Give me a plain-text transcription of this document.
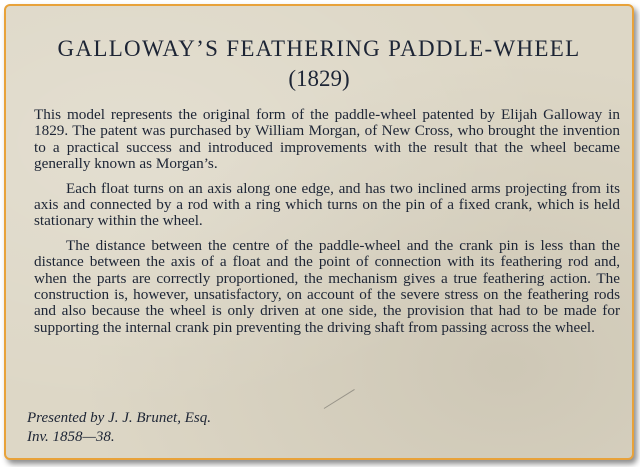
GALLOWAY’S FEATHERING PADDLE-WHEEL
(1829)

This model represents the original form of the paddle-wheel patented by Elijah Galloway in 1829. The patent was purchased by William Morgan, of New Cross, who brought the invention to a practical success and introduced improvements with the result that the wheel became generally known as Morgan’s.

Each float turns on an axis along one edge, and has two inclined arms projecting from its axis and connected by a rod with a ring which turns on the pin of a fixed crank, which is held stationary within the wheel.

The distance between the centre of the paddle-wheel and the crank pin is less than the distance between the axis of a float and the point of connection with its feathering rod and, when the parts are correctly proportioned, the mechanism gives a true feathering action. The construction is, however, unsatisfactory, on account of the severe stress on the feathering rods and also because the wheel is only driven at one side, the provision that had to be made for supporting the internal crank pin preventing the driving shaft from passing across the wheel.

Presented by J. J. Brunet, Esq.
Inv. 1858—38.
